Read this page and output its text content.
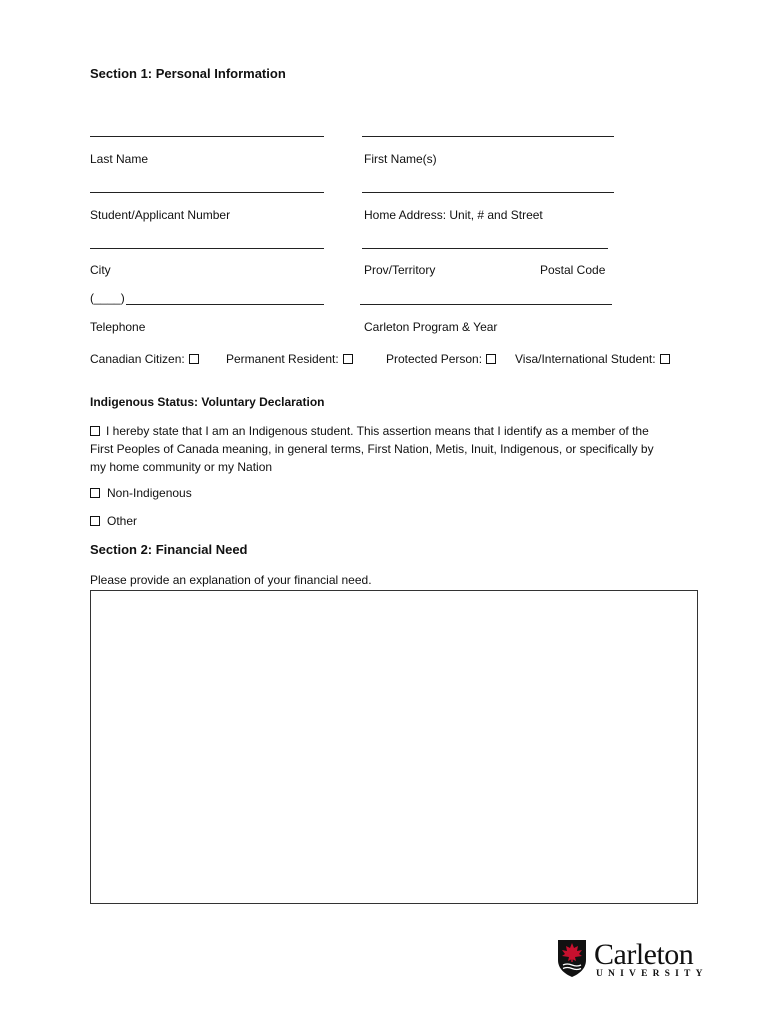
Section 1: Personal Information
Last Name	First Name(s)
Student/Applicant Number	Home Address: Unit, # and Street
City	Prov/Territory	Postal Code
(____)
Telephone	Carleton Program & Year
Canadian Citizen:	Permanent Resident:	Protected Person:	Visa/International Student:
Indigenous Status: Voluntary Declaration
I hereby state that I am an Indigenous student. This assertion means that I identify as a member of the First Peoples of Canada meaning, in general terms, First Nation, Metis, Inuit, Indigenous, or specifically by my home community or my Nation
Non-Indigenous
Other
Section 2: Financial Need
Please provide an explanation of your financial need.
Carleton
UNIVERSITY
